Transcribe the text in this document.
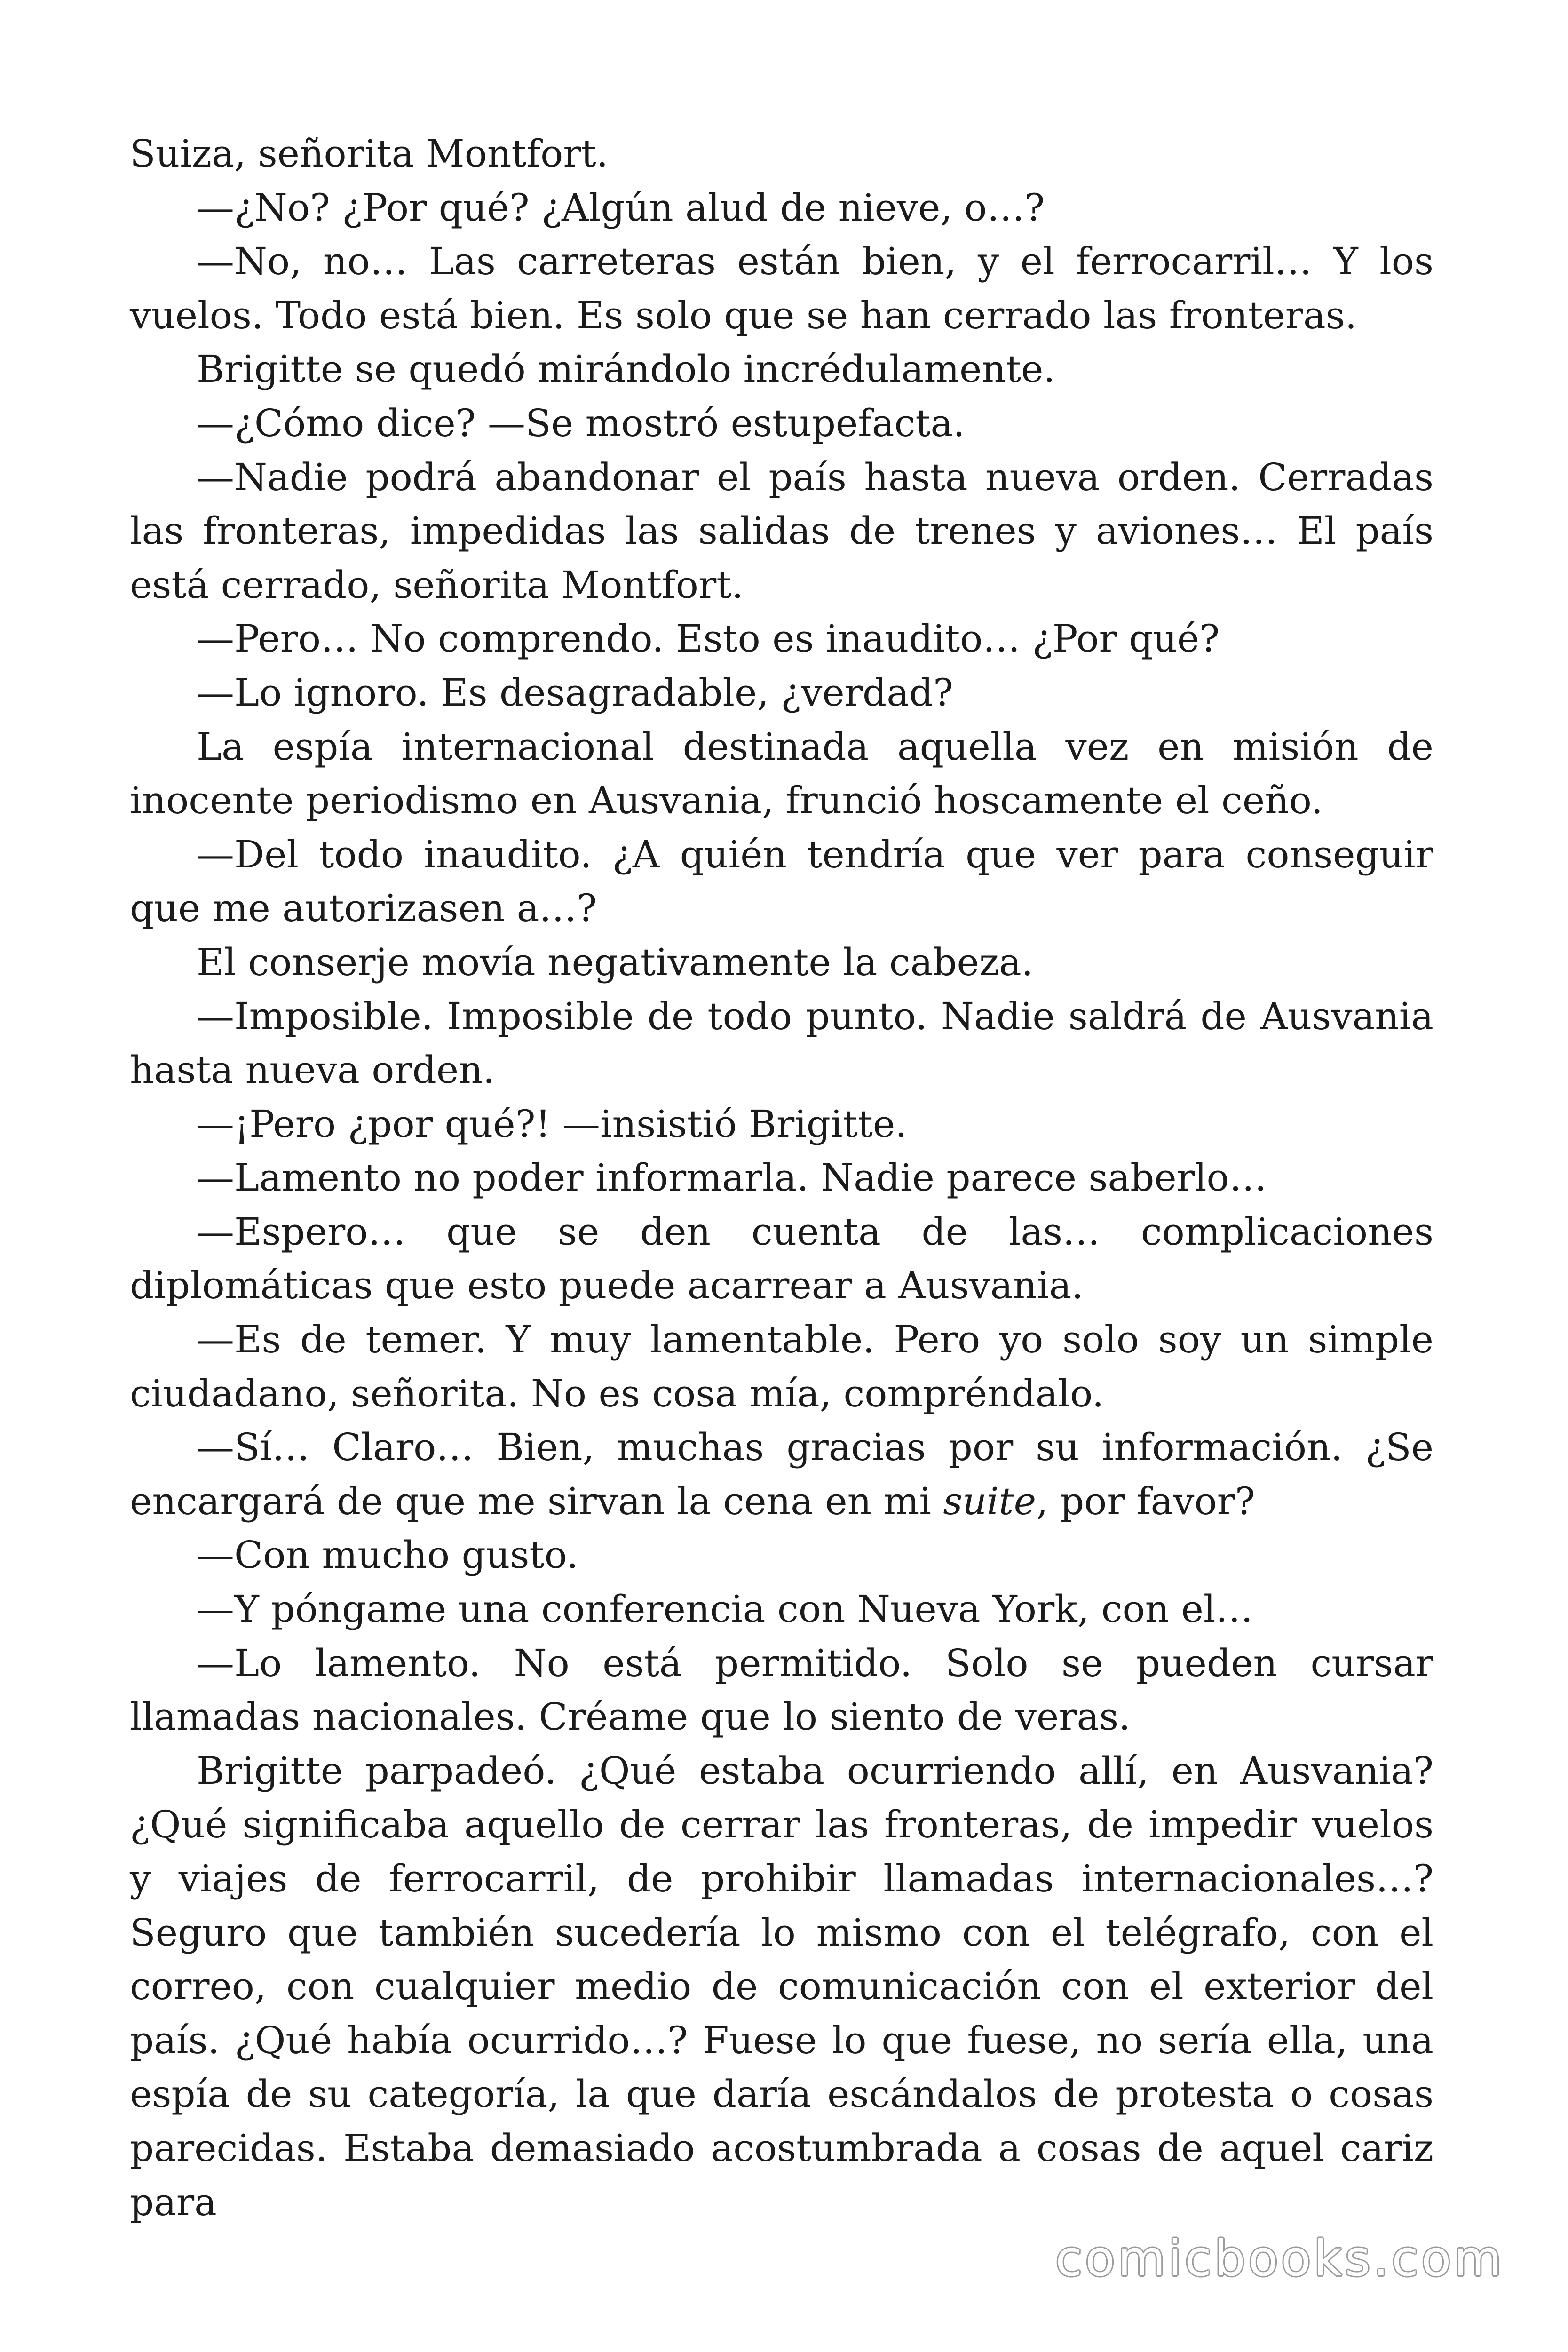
Suiza, señorita Montfort.

—¿No? ¿Por qué? ¿Algún alud de nieve, o…?

—No, no… Las carreteras están bien, y el ferrocarril… Y los vuelos. Todo está bien. Es solo que se han cerrado las fronteras.

Brigitte se quedó mirándolo incrédulamente.

—¿Cómo dice? —Se mostró estupefacta.

—Nadie podrá abandonar el país hasta nueva orden. Cerradas las fronteras, impedidas las salidas de trenes y aviones… El país está cerrado, señorita Montfort.

—Pero… No comprendo. Esto es inaudito… ¿Por qué?

—Lo ignoro. Es desagradable, ¿verdad?

La espía internacional destinada aquella vez en misión de inocente periodismo en Ausvania, frunció hoscamente el ceño.

—Del todo inaudito. ¿A quién tendría que ver para conseguir que me autorizasen a…?

El conserje movía negativamente la cabeza.

—Imposible. Imposible de todo punto. Nadie saldrá de Ausvania hasta nueva orden.

—¡Pero ¿por qué?! —insistió Brigitte.

—Lamento no poder informarla. Nadie parece saberlo…

—Espero… que se den cuenta de las… complicaciones diplomáticas que esto puede acarrear a Ausvania.

—Es de temer. Y muy lamentable. Pero yo solo soy un simple ciudadano, señorita. No es cosa mía, compréndalo.

—Sí… Claro… Bien, muchas gracias por su información. ¿Se encargará de que me sirvan la cena en mi suite, por favor?

—Con mucho gusto.

—Y póngame una conferencia con Nueva York, con el…

—Lo lamento. No está permitido. Solo se pueden cursar llamadas nacionales. Créame que lo siento de veras.

Brigitte parpadeó. ¿Qué estaba ocurriendo allí, en Ausvania? ¿Qué significaba aquello de cerrar las fronteras, de impedir vuelos y viajes de ferrocarril, de prohibir llamadas internacionales…? Seguro que también sucedería lo mismo con el telégrafo, con el correo, con cualquier medio de comunicación con el exterior del país. ¿Qué había ocurrido…? Fuese lo que fuese, no sería ella, una espía de su categoría, la que daría escándalos de protesta o cosas parecidas. Estaba demasiado acostumbrada a cosas de aquel cariz para

comicbooks.com
